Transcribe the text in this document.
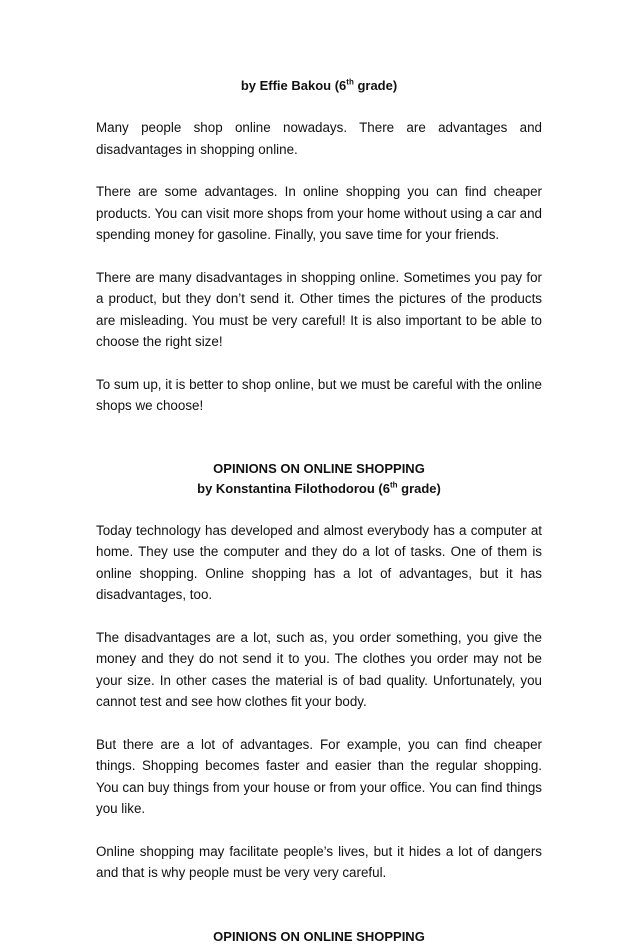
by Effie Bakou (6th grade)

Many people shop online nowadays. There are advantages and disadvantages in shopping online.

There are some advantages. In online shopping you can find cheaper products. You can visit more shops from your home without using a car and spending money for gasoline. Finally, you save time for your friends.

There are many disadvantages in shopping online. Sometimes you pay for a product, but they don’t send it. Other times the pictures of the products are misleading. You must be very careful! It is also important to be able to choose the right size!

To sum up, it is better to shop online, but we must be careful with the online shops we choose!

OPINIONS ON ONLINE SHOPPING

by Konstantina Filothodorou (6th grade)

Today technology has developed and almost everybody has a computer at home. They use the computer and they do a lot of tasks. One of them is online shopping. Online shopping has a lot of advantages, but it has disadvantages, too.

The disadvantages are a lot, such as, you order something, you give the money and they do not send it to you. The clothes you order may not be your size. In other cases the material is of bad quality. Unfortunately, you cannot test and see how clothes fit your body.

But there are a lot of advantages. For example, you can find cheaper things. Shopping becomes faster and easier than the regular shopping. You can buy things from your house or from your office. You can find things you like.

Online shopping may facilitate people’s lives, but it hides a lot of dangers and that is why people must be very very careful.

OPINIONS ON ONLINE SHOPPING
